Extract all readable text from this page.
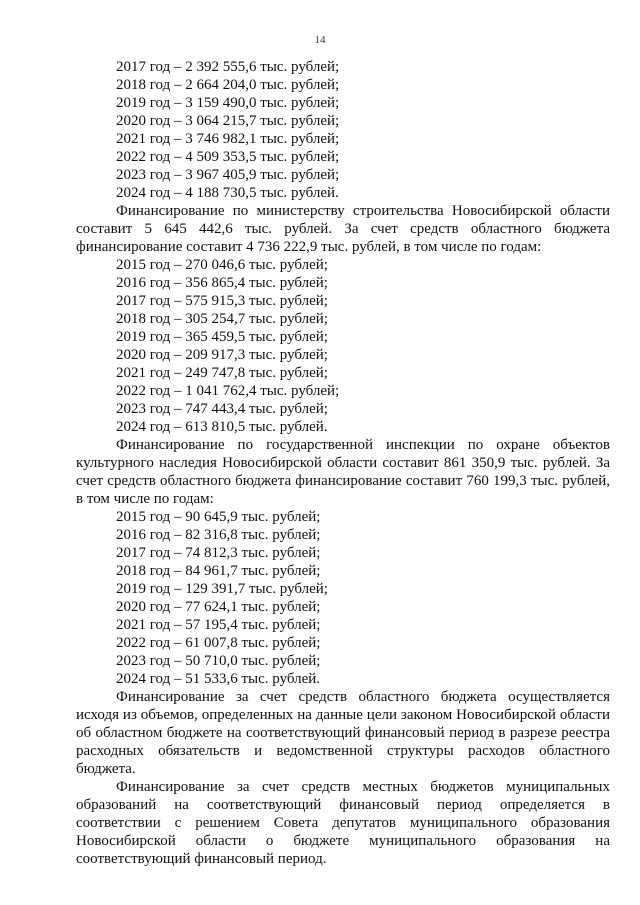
14
2017 год – 2 392 555,6 тыс. рублей;
2018 год – 2 664 204,0 тыс. рублей;
2019 год – 3 159 490,0 тыс. рублей;
2020 год – 3 064 215,7 тыс. рублей;
2021 год – 3 746 982,1 тыс. рублей;
2022 год – 4 509 353,5 тыс. рублей;
2023 год – 3 967 405,9 тыс. рублей;
2024 год – 4 188 730,5 тыс. рублей.
Финансирование по министерству строительства Новосибирской области составит 5 645 442,6 тыс. рублей. За счет средств областного бюджета финансирование составит 4 736 222,9 тыс. рублей, в том числе по годам:
2015 год – 270 046,6 тыс. рублей;
2016 год – 356 865,4 тыс. рублей;
2017 год – 575 915,3 тыс. рублей;
2018 год – 305 254,7 тыс. рублей;
2019 год – 365 459,5 тыс. рублей;
2020 год – 209 917,3 тыс. рублей;
2021 год – 249 747,8 тыс. рублей;
2022 год – 1 041 762,4 тыс. рублей;
2023 год – 747 443,4 тыс. рублей;
2024 год – 613 810,5 тыс. рублей.
Финансирование по государственной инспекции по охране объектов культурного наследия Новосибирской области составит 861 350,9 тыс. рублей. За счет средств областного бюджета финансирование составит 760 199,3 тыс. рублей, в том числе по годам:
2015 год – 90 645,9 тыс. рублей;
2016 год – 82 316,8 тыс. рублей;
2017 год – 74 812,3 тыс. рублей;
2018 год – 84 961,7 тыс. рублей;
2019 год – 129 391,7 тыс. рублей;
2020 год – 77 624,1 тыс. рублей;
2021 год – 57 195,4 тыс. рублей;
2022 год – 61 007,8 тыс. рублей;
2023 год – 50 710,0 тыс. рублей;
2024 год – 51 533,6 тыс. рублей.
Финансирование за счет средств областного бюджета осуществляется исходя из объемов, определенных на данные цели законом Новосибирской области об областном бюджете на соответствующий финансовый период в разрезе реестра расходных обязательств и ведомственной структуры расходов областного бюджета.
Финансирование за счет средств местных бюджетов муниципальных образований на соответствующий финансовый период определяется в соответствии с решением Совета депутатов муниципального образования Новосибирской области о бюджете муниципального образования на соответствующий финансовый период.
